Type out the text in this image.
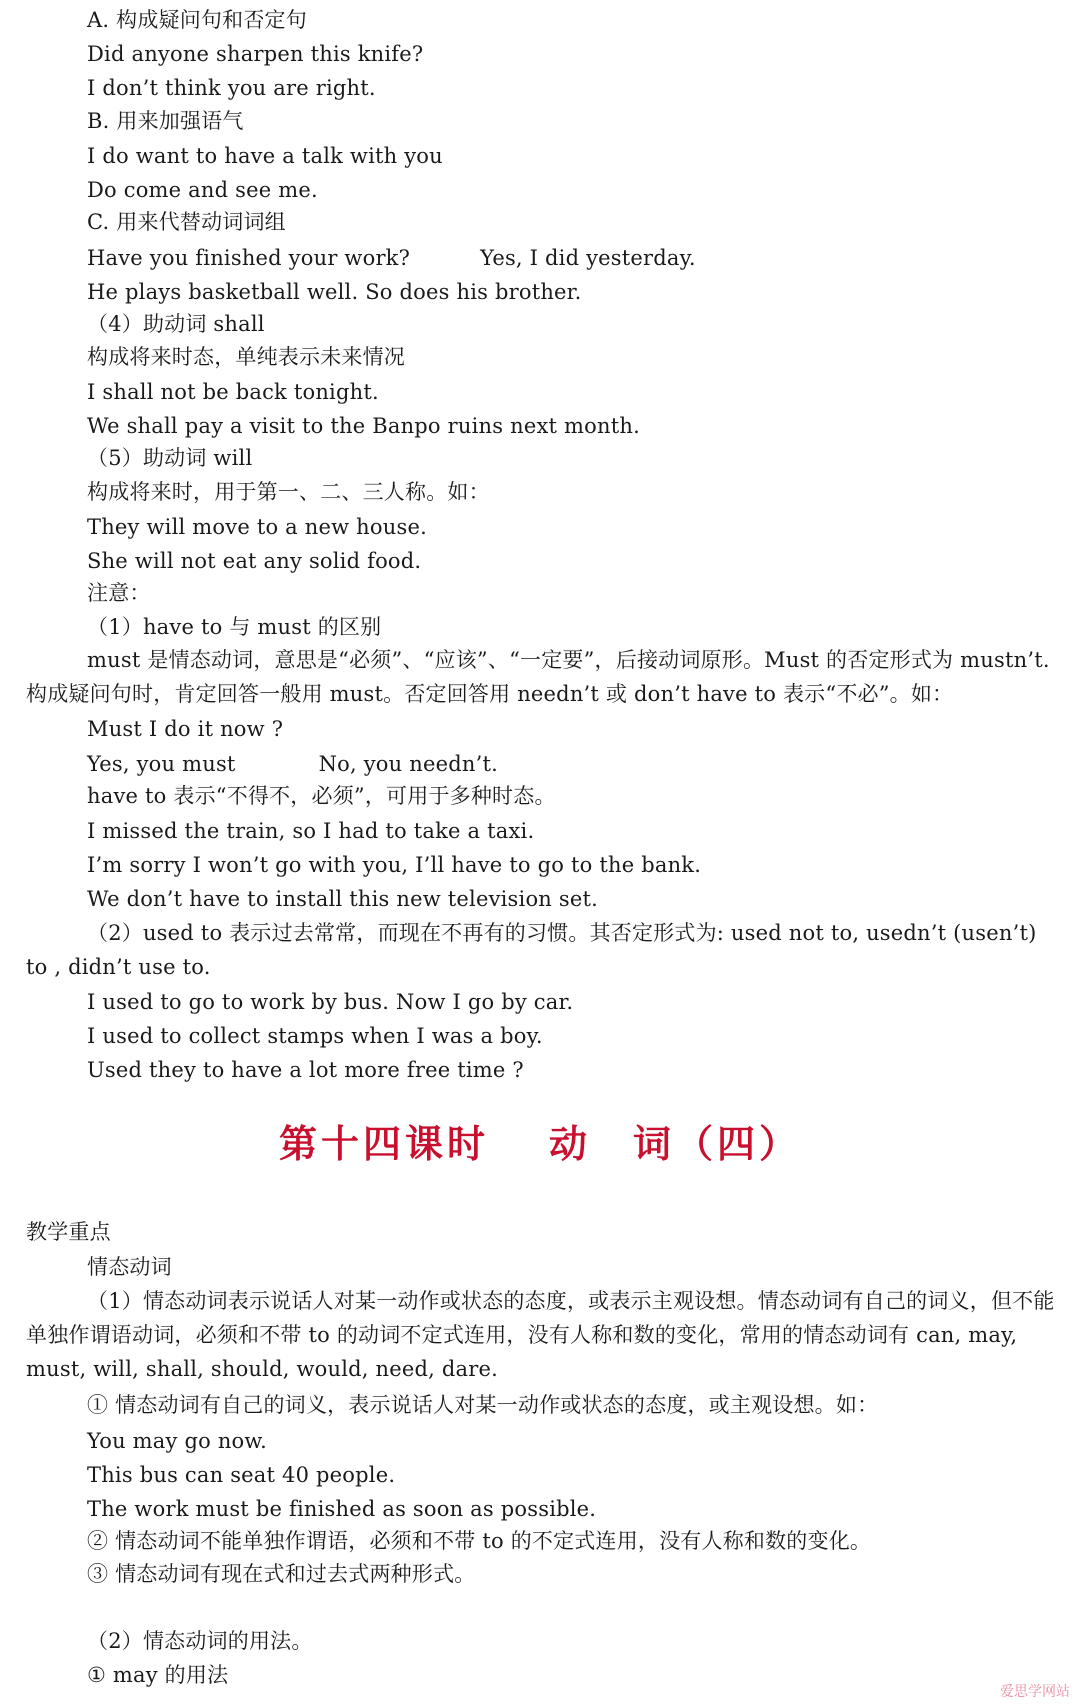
A. 构成疑问句和否定句
Did anyone sharpen this knife?
I don’t think you are right.
B. 用来加强语气
I do want to have a talk with you
Do come and see me.
C. 用来代替动词词组
Have you finished your work?	Yes, I did yesterday.
He plays basketball well. So does his brother.
（4）助动词 shall
构成将来时态，单纯表示未来情况
I shall not be back tonight.
We shall pay a visit to the Banpo ruins next month.
（5）助动词 will
构成将来时，用于第一、二、三人称。如：
They will move to a new house.
She will not eat any solid food.
注意：
（1）have to 与 must 的区别
must 是情态动词，意思是“必须”、“应该”、“一定要”，后接动词原形。Must 的否定形式为 mustn’t. 构成疑问句时，肯定回答一般用 must。否定回答用 needn’t 或 don’t have to 表示“不必”。如：
Must I do it now ?
Yes, you must	No, you needn’t.
have to 表示“不得不，必须”，可用于多种时态。
I missed the train, so I had to take a taxi.
I’m sorry I won’t go with you, I’ll have to go to the bank.
We don’t have to install this new television set.
（2）used to 表示过去常常，而现在不再有的习惯。其否定形式为: used not to, usedn’t (usen’t) to , didn’t use to.
I used to go to work by bus. Now I go by car.
I used to collect stamps when I was a boy.
Used they to have a lot more free time ?
第十四课时 动　词（四）
教学重点
情态动词
（1）情态动词表示说话人对某一动作或状态的态度，或表示主观设想。情态动词有自己的词义，但不能单独作谓语动词，必须和不带 to 的动词不定式连用，没有人称和数的变化，常用的情态动词有 can, may, must, will, shall, should, would, need, dare.
① 情态动词有自己的词义，表示说话人对某一动作或状态的态度，或主观设想。如：
You may go now.
This bus can seat 40 people.
The work must be finished as soon as possible.
② 情态动词不能单独作谓语，必须和不带 to 的不定式连用，没有人称和数的变化。
③ 情态动词有现在式和过去式两种形式。
（2）情态动词的用法。
① may 的用法
爱思学网站
